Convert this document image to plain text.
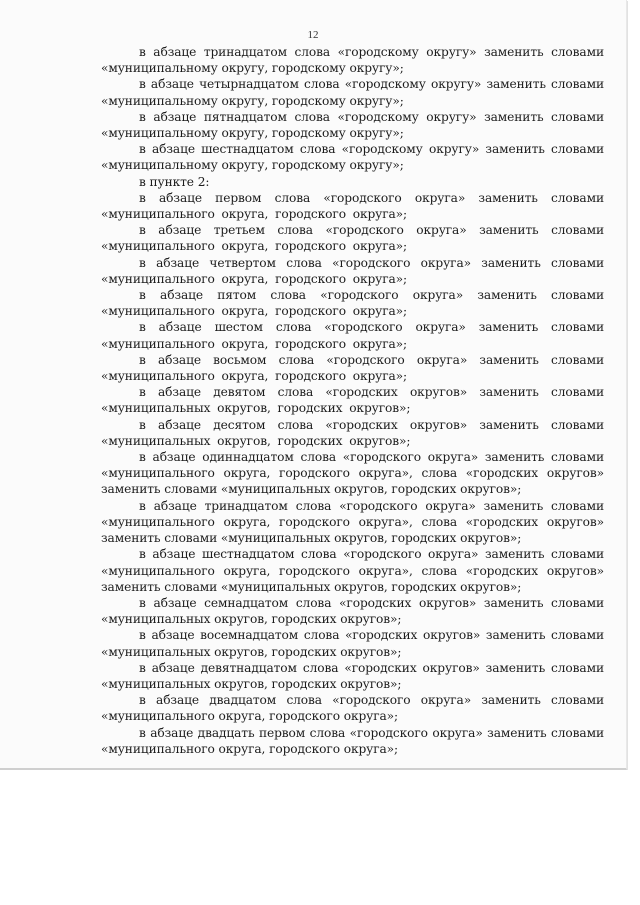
12

в абзаце тринадцатом слова «городскому округу» заменить словами «муниципальному округу, городскому округу»;

в абзаце четырнадцатом слова «городскому округу» заменить словами «муниципальному округу, городскому округу»;

в абзаце пятнадцатом слова «городскому округу» заменить словами «муниципальному округу, городскому округу»;

в абзаце шестнадцатом слова «городскому округу» заменить словами «муниципальному округу, городскому округу»;

в пункте 2:

в абзаце первом слова «городского округа» заменить словами «муниципального округа, городского округа»;

в абзаце третьем слова «городского округа» заменить словами «муниципального округа, городского округа»;

в абзаце четвертом слова «городского округа» заменить словами «муниципального округа, городского округа»;

в абзаце пятом слова «городского округа» заменить словами «муниципального округа, городского округа»;

в абзаце шестом слова «городского округа» заменить словами «муниципального округа, городского округа»;

в абзаце восьмом слова «городского округа» заменить словами «муниципального округа, городского округа»;

в абзаце девятом слова «городских округов» заменить словами «муниципальных округов, городских округов»;

в абзаце десятом слова «городских округов» заменить словами «муниципальных округов, городских округов»;

в абзаце одиннадцатом слова «городского округа» заменить словами «муниципального округа, городского округа», слова «городских округов» заменить словами «муниципальных округов, городских округов»;

в абзаце тринадцатом слова «городского округа» заменить словами «муниципального округа, городского округа», слова «городских округов» заменить словами «муниципальных округов, городских округов»;

в абзаце шестнадцатом слова «городского округа» заменить словами «муниципального округа, городского округа», слова «городских округов» заменить словами «муниципальных округов, городских округов»;

в абзаце семнадцатом слова «городских округов» заменить словами «муниципальных округов, городских округов»;

в абзаце восемнадцатом слова «городских округов» заменить словами «муниципальных округов, городских округов»;

в абзаце девятнадцатом слова «городских округов» заменить словами «муниципальных округов, городских округов»;

в абзаце двадцатом слова «городского округа» заменить словами «муниципального округа, городского округа»;

в абзаце двадцать первом слова «городского округа» заменить словами «муниципального округа, городского округа»;
